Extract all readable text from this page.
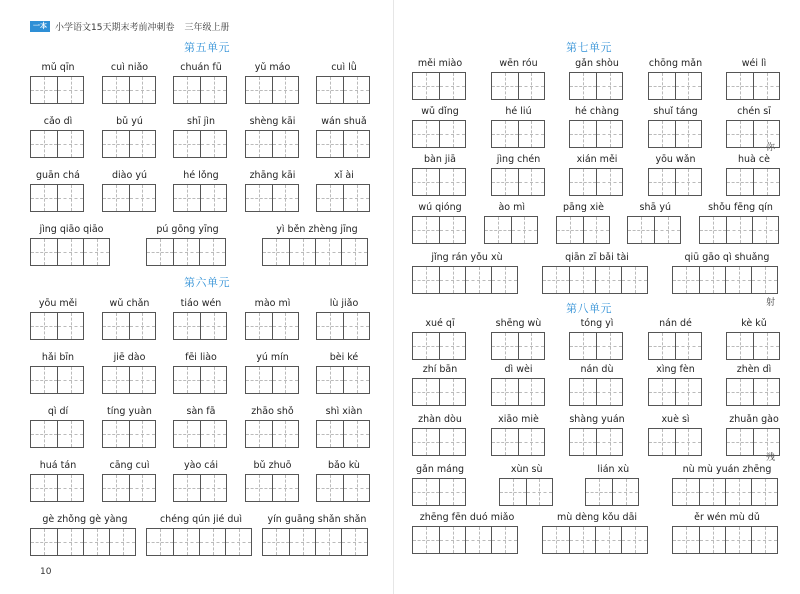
一本 小学语文15天期末考前冲刺卷 三年级上册
第五单元
第六单元
10
第七单元
第八单元
你
射
残
mǔ qīn	cuì niǎo	chuán fū	yǔ máo	cuì lǜ
cǎo dì	bǔ yú	shī jìn	shèng kāi	wán shuǎ
guān chá	diào yú	hé lǒng	zhāng kāi	xǐ ài
jìng qiāo qiāo	pú gōng yīng	yì běn zhèng jīng
yōu měi	wǔ chǎn	tiáo wén	mào mì	lù jiǎo
hǎi bīn	jiē dào	fēi liào	yú mín	bèi ké
qì dí	tíng yuàn	sàn fā	zhāo shǒ	shì xiàn
huá tán	cāng cuì	yào cái	bǔ zhuō	bǎo kù
gè zhǒng gè yàng	chéng qún jié duì	yín guāng shǎn shǎn
měi miào	wēn róu	gǎn shòu	chōng mǎn	wéi lì
wǔ dǐng	hé liú	hé chàng	shuǐ táng	chén sī
bàn jiā	jìng chén	xián měi	yōu wǎn	huà cè
wú qióng	ào mì	pāng xiè	shā yú	shǒu fēng qín
jǐng rán yǒu xù	qiān zī bǎi tài	qiū gāo qì shuǎng
xué qī	shēng wù	tóng yì	nán dé	kè kǔ
zhí bān	dì wèi	nán dù	xìng fèn	zhèn dì
zhàn dòu	xiāo miè	shàng yuán	xuè sì	zhuǎn gào
gǎn máng	xùn sù	lián xù	nù mù yuán zhēng
zhēng fēn duó miǎo	mù dèng kǒu dāi	ěr wén mù dǔ
